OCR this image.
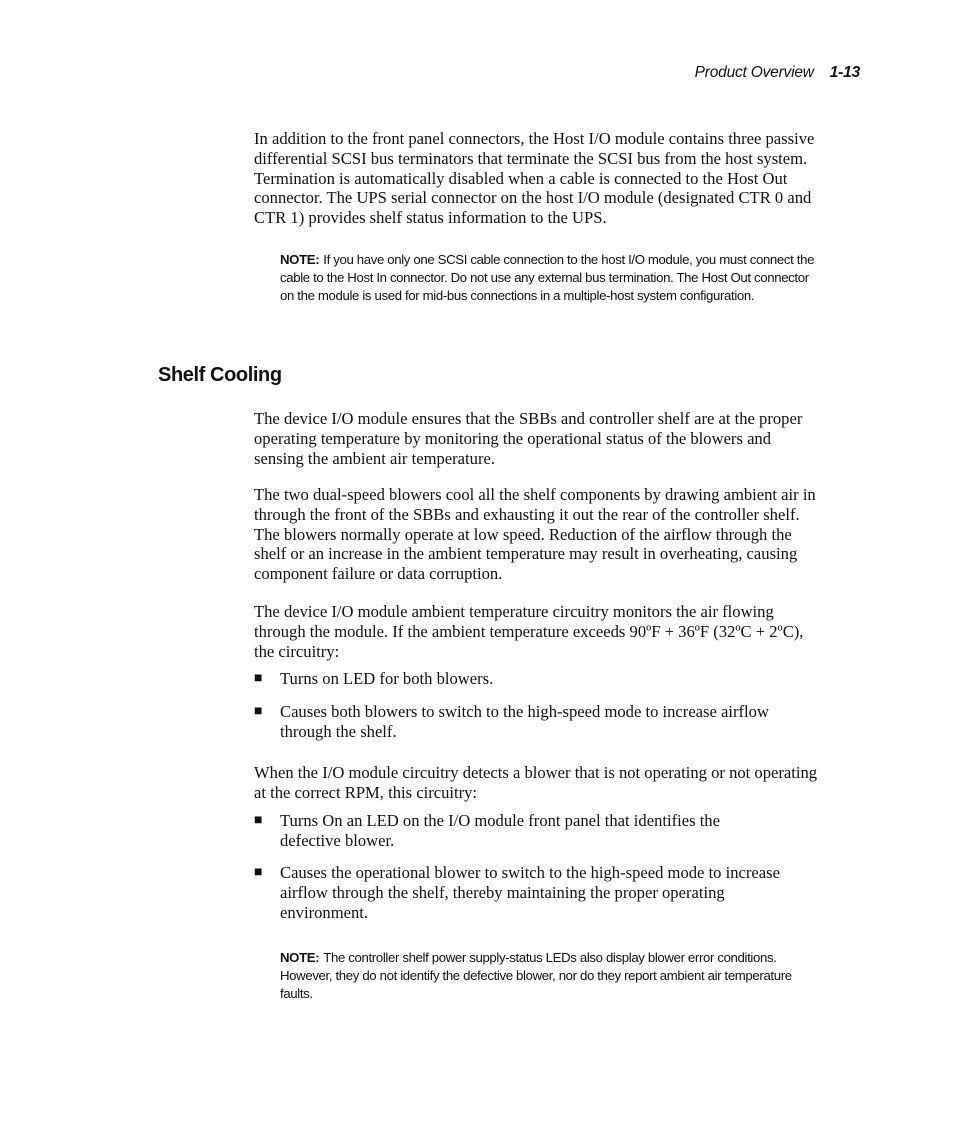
Product Overview 1-13

In addition to the front panel connectors, the Host I/O module contains three passive differential SCSI bus terminators that terminate the SCSI bus from the host system. Termination is automatically disabled when a cable is connected to the Host Out connector. The UPS serial connector on the host I/O module (designated CTR 0 and CTR 1) provides shelf status information to the UPS.

NOTE: If you have only one SCSI cable connection to the host I/O module, you must connect the cable to the Host In connector. Do not use any external bus termination. The Host Out connector on the module is used for mid-bus connections in a multiple-host system configuration.

Shelf Cooling

The device I/O module ensures that the SBBs and controller shelf are at the proper operating temperature by monitoring the operational status of the blowers and sensing the ambient air temperature.

The two dual-speed blowers cool all the shelf components by drawing ambient air in through the front of the SBBs and exhausting it out the rear of the controller shelf. The blowers normally operate at low speed. Reduction of the airflow through the shelf or an increase in the ambient temperature may result in overheating, causing component failure or data corruption.

The device I/O module ambient temperature circuitry monitors the air flowing through the module. If the ambient temperature exceeds 90ºF + 36ºF (32ºC + 2ºC), the circuitry:

■ Turns on LED for both blowers.
■ Causes both blowers to switch to the high-speed mode to increase airflow through the shelf.

When the I/O module circuitry detects a blower that is not operating or not operating at the correct RPM, this circuitry:

■ Turns On an LED on the I/O module front panel that identifies the defective blower.
■ Causes the operational blower to switch to the high-speed mode to increase airflow through the shelf, thereby maintaining the proper operating environment.

NOTE: The controller shelf power supply-status LEDs also display blower error conditions. However, they do not identify the defective blower, nor do they report ambient air temperature faults.
